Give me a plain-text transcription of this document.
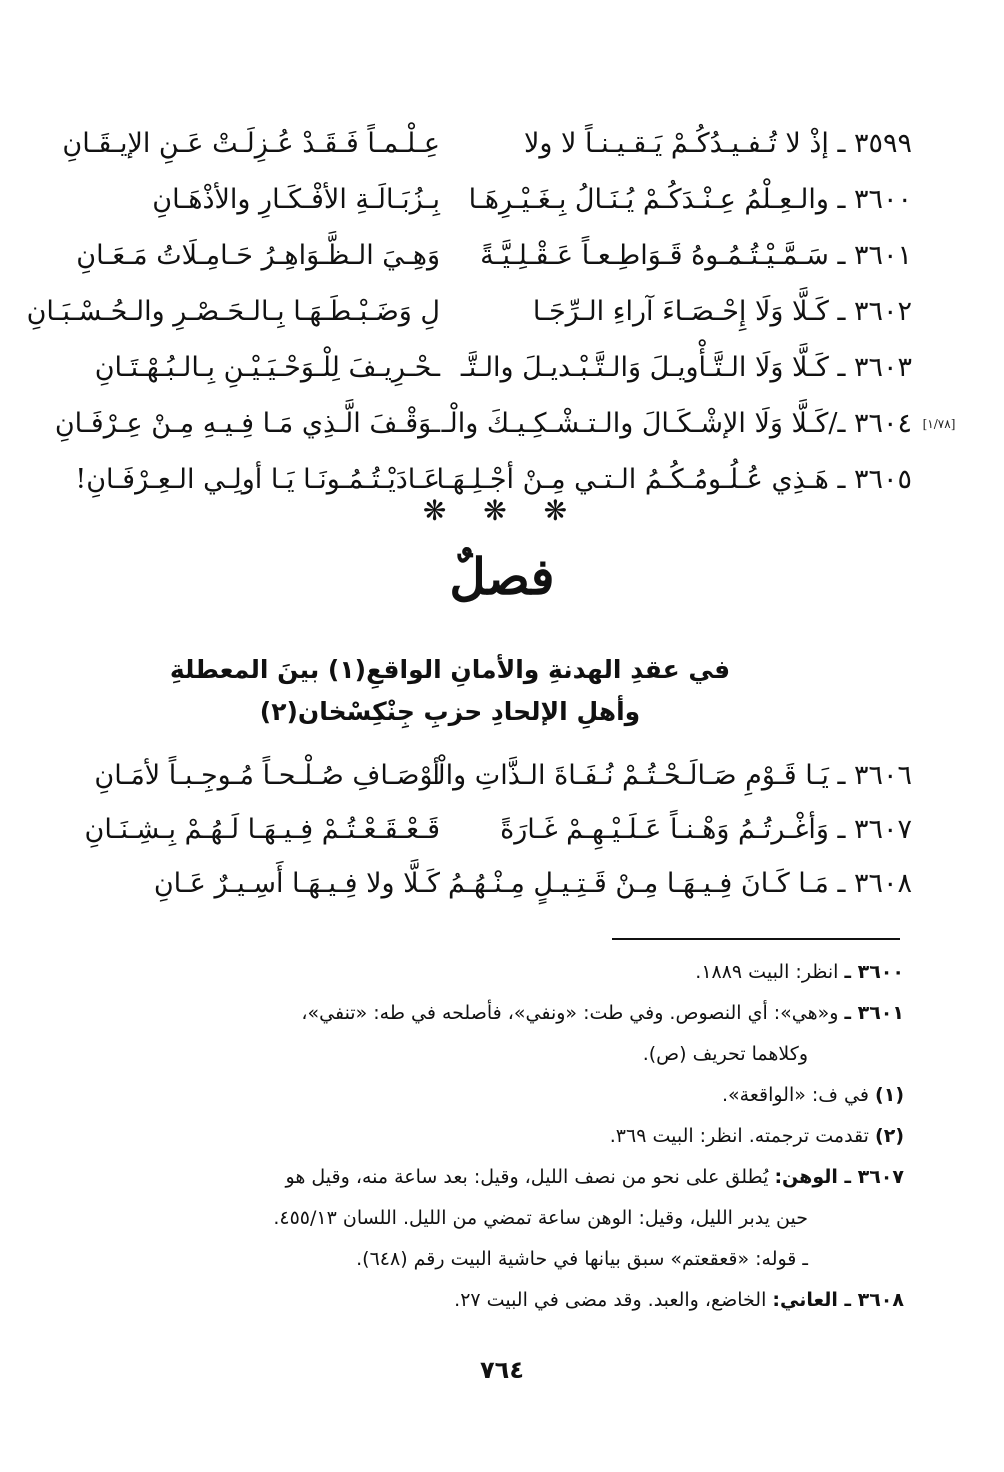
٣٥٩٩ ـ إذْ لا تُـفـيـدُكُـمْ يَـقـيـنـاً لا ولا
عِـلْـمـاً فَـقَـدْ عُـزِلَـتْ عَـنِ الإيـقَـانِ
٣٦٠٠ ـ والـعِـلْمُ عِـنْـدَكُـمْ يُـنَـالُ بِـغَـيْـرِهَـا
بِـزُبَـالَـةِ الأفْـكَـارِ والأذْهَـانِ
٣٦٠١ ـ سَـمَّـيْـتُـمُـوهُ قَـوَاطِـعـاً عَـقْـلِـيَّـةً
وَهِـيَ الـظَّـوَاهِـرُ حَـامِـلَاتُ مَـعَـانِ
٣٦٠٢ ـ كَـلَّا وَلَا إِحْـصَـاءَ آراءِ الـرِّجَـا
لِ وَضَـبْـطَـهَـا بِـالـحَـصْـرِ والـحُـسْـبَـانِ
٣٦٠٣ ـ كَـلَّا وَلَا الـتَّـأْويـلَ وَالـتَّـبْـديـلَ والـتَّـ
ـحْـرِيـفَ لِلْـوَحْـيَـيْـنِ بِـالـبُـهْـتَـانِ
٣٦٠٤ ـ/كَـلَّا وَلَا الإشْـكَـالَ والـتـشْـكِـيـكَ والْـ
ـوَقْـفَ الَّـذِي مَـا فِـيـهِ مِـنْ عِـرْفَـانِ
٣٦٠٥ ـ هَـذِي عُـلُـومُـكُـمُ الـتـي مِـنْ أجْـلِـهَـا
عَـادَيْـتُـمُـونَـا يَـا أولِـي الـعِـرْفَـانِ!
[١/٧٨]
❋ ❋ ❋
فصلٌ
في عقدِ الهدنةِ والأمانِ الواقعِ(١) بينَ المعطلةِ
وأهلِ الإلحادِ حزبِ جِنْكِسْخان(٢)
٣٦٠٦ ـ يَـا قَـوْمِ صَـالَـحْـتُـمْ نُـفَـاةَ الـذَّاتِ والْـ
أوْصَـافِ صُـلْـحـاً مُـوجِـبـاً لأمَـانِ
٣٦٠٧ ـ وَأغْـرتُـمُ وَهْـنـاً عَـلَـيْـهِـمْ غَـارَةً
قَـعْـقَـعْـتُـمْ فِـيـهَـا لَـهُـمْ بِـشِـنَـانِ
٣٦٠٨ ـ مَـا كَـانَ فِـيـهَـا مِـنْ قَـتِـيـلٍ مِـنْـهُـمُ
كَـلَّا ولا فِـيـهَـا أَسِـيـرٌ عَـانِ
٣٦٠٠ ـ انظر: البيت ١٨٨٩.
٣٦٠١ ـ و«هي»: أي النصوص. وفي طت: «ونفي»، فأصلحه في طه: «تنفي»،
وكلاهما تحريف (ص).
(١) في ف: «الواقعة».
(٢) تقدمت ترجمته. انظر: البيت ٣٦٩.
٣٦٠٧ ـ الوهن: يُطلق على نحو من نصف الليل، وقيل: بعد ساعة منه، وقيل هو
حين يدبر الليل، وقيل: الوهن ساعة تمضي من الليل. اللسان ٤٥٥/١٣.
ـ قوله: «قعقعتم» سبق بيانها في حاشية البيت رقم (٦٤٨).
٣٦٠٨ ـ العاني: الخاضع، والعبد. وقد مضى في البيت ٢٧.
٧٦٤
